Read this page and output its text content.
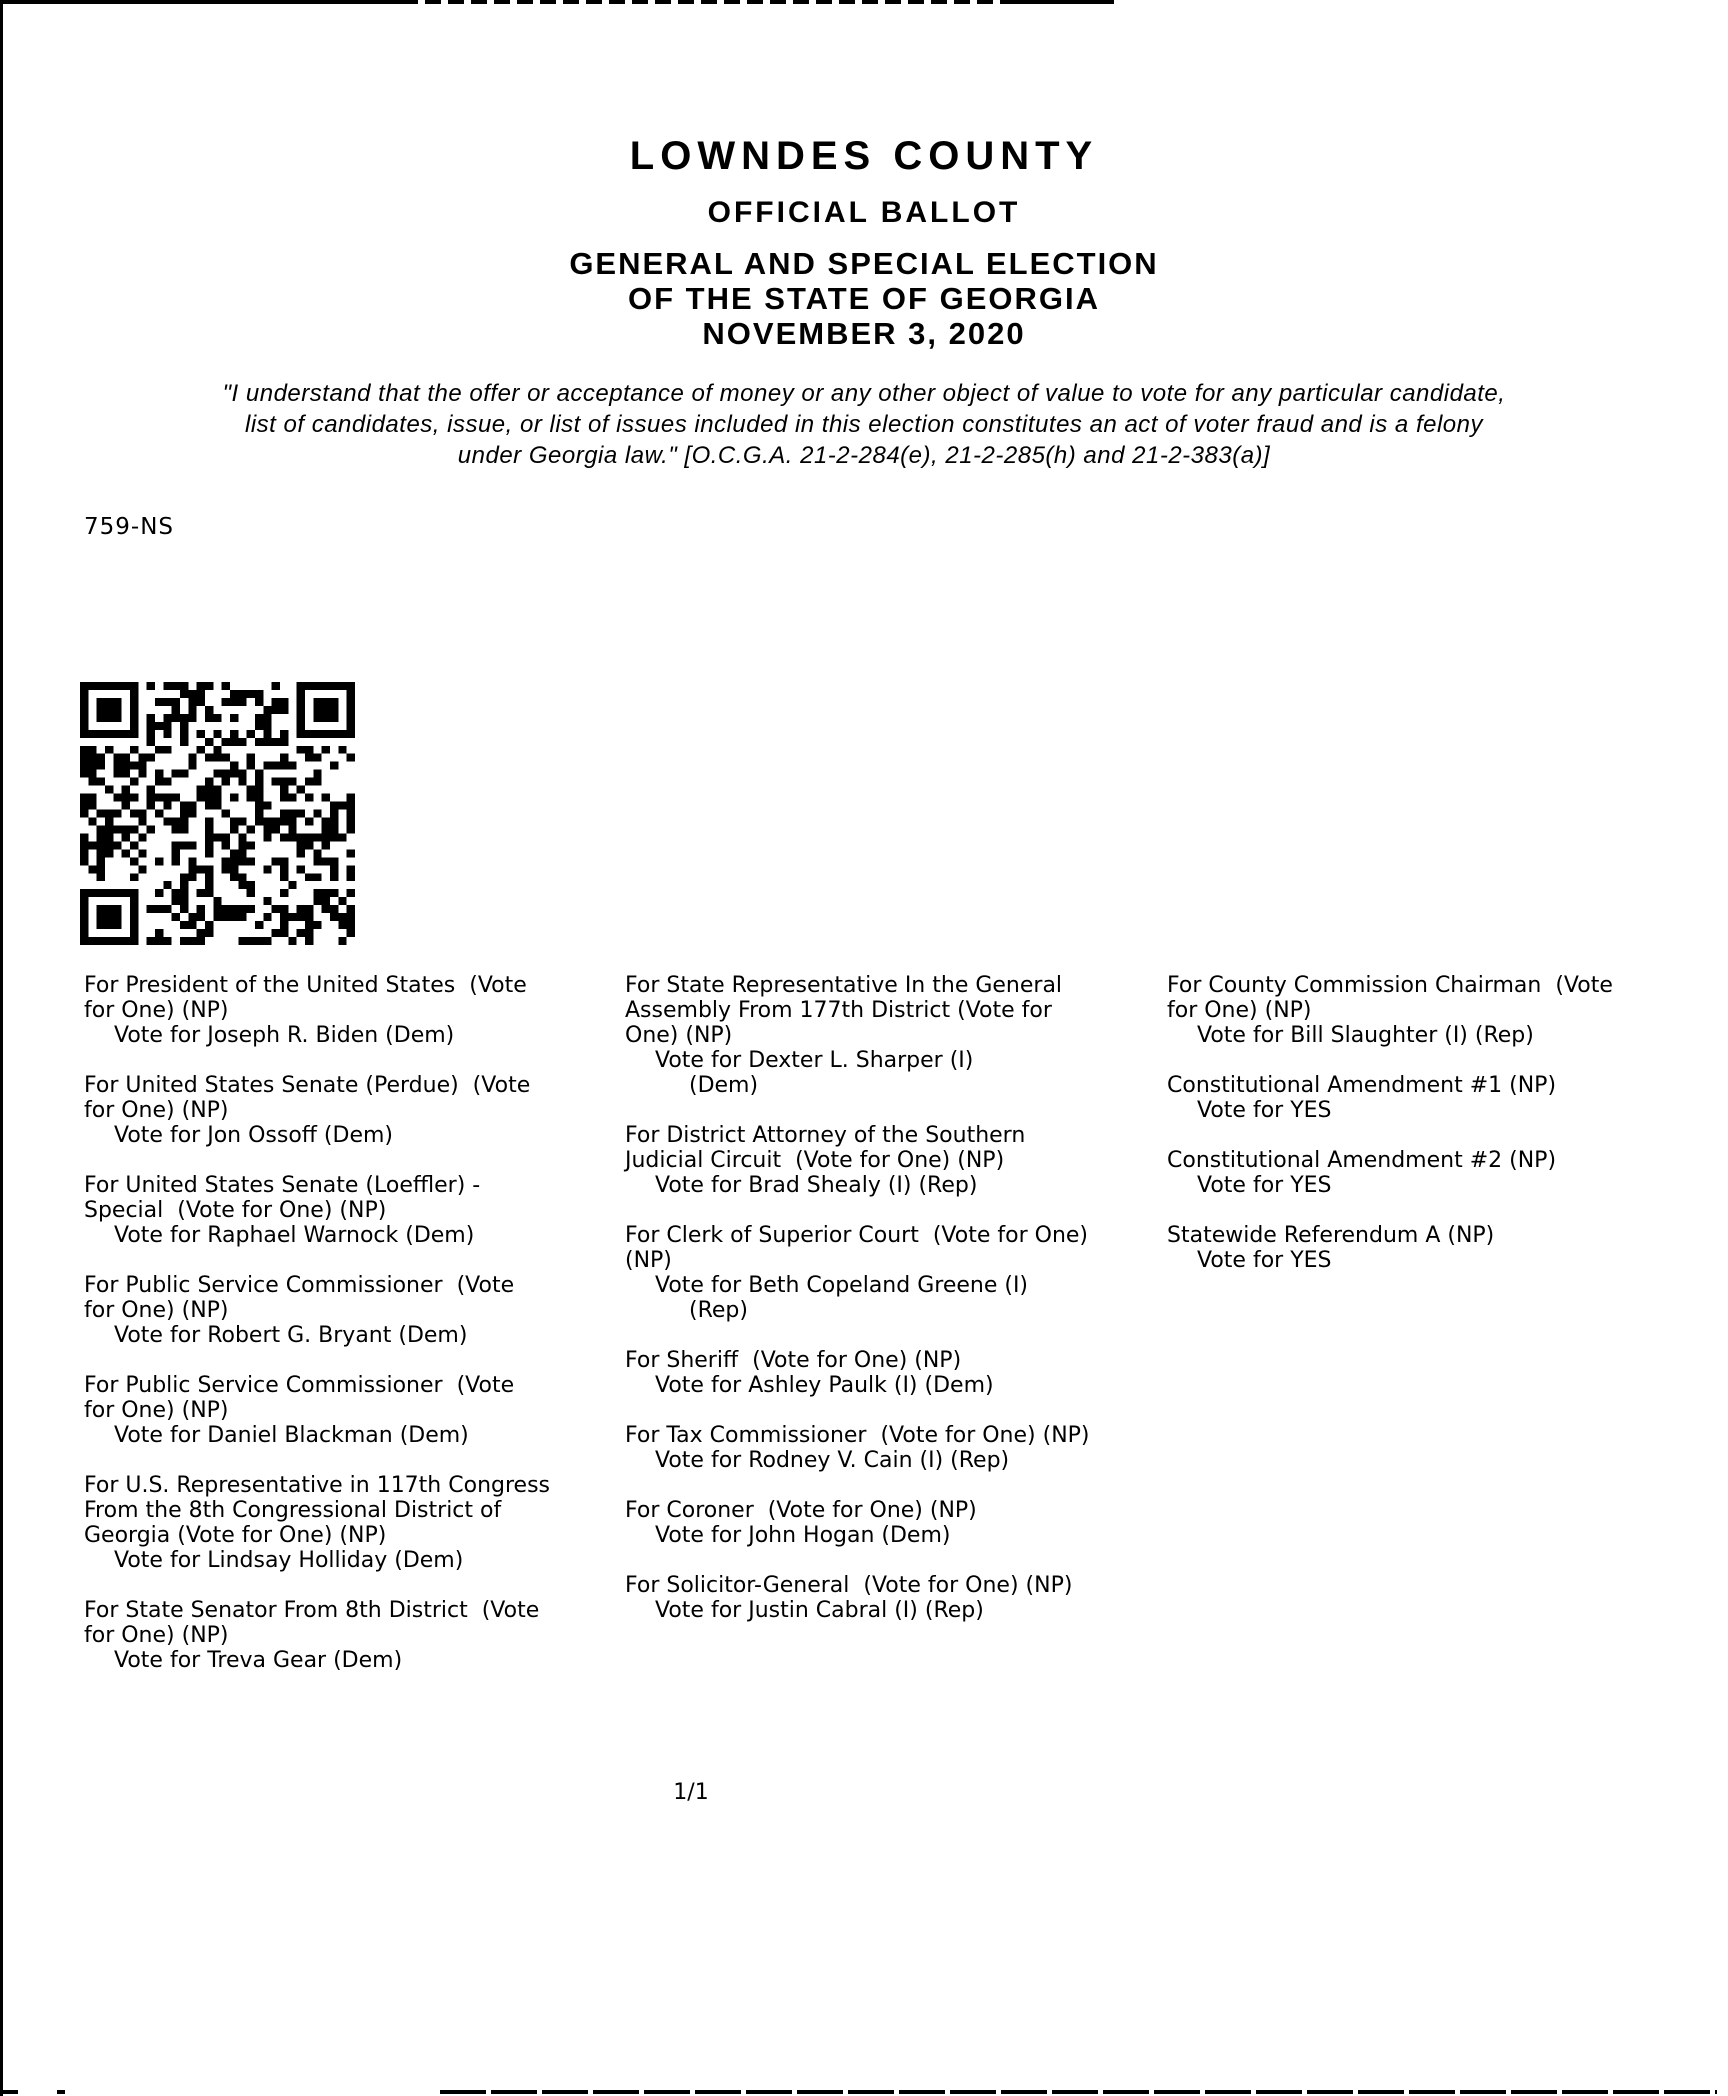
LOWNDES COUNTY
OFFICIAL BALLOT
GENERAL AND SPECIAL ELECTION
OF THE STATE OF GEORGIA
NOVEMBER 3, 2020
"I understand that the offer or acceptance of money or any other object of value to vote for any particular candidate,
list of candidates, issue, or list of issues included in this election constitutes an act of voter fraud and is a felony
under Georgia law." [O.C.G.A. 21-2-284(e), 21-2-285(h) and 21-2-383(a)]
759-NS
For President of the United States  (Vote
for One) (NP)
Vote for Joseph R. Biden (Dem)
For United States Senate (Perdue)  (Vote
for One) (NP)
Vote for Jon Ossoff (Dem)
For United States Senate (Loeffler) -
Special  (Vote for One) (NP)
Vote for Raphael Warnock (Dem)
For Public Service Commissioner  (Vote
for One) (NP)
Vote for Robert G. Bryant (Dem)
For Public Service Commissioner  (Vote
for One) (NP)
Vote for Daniel Blackman (Dem)
For U.S. Representative in 117th Congress
From the 8th Congressional District of
Georgia (Vote for One) (NP)
Vote for Lindsay Holliday (Dem)
For State Senator From 8th District  (Vote
for One) (NP)
Vote for Treva Gear (Dem)
For State Representative In the General
Assembly From 177th District (Vote for
One) (NP)
Vote for Dexter L. Sharper (I)
(Dem)
For District Attorney of the Southern
Judicial Circuit  (Vote for One) (NP)
Vote for Brad Shealy (I) (Rep)
For Clerk of Superior Court  (Vote for One)
(NP)
Vote for Beth Copeland Greene (I)
(Rep)
For Sheriff  (Vote for One) (NP)
Vote for Ashley Paulk (I) (Dem)
For Tax Commissioner  (Vote for One) (NP)
Vote for Rodney V. Cain (I) (Rep)
For Coroner  (Vote for One) (NP)
Vote for John Hogan (Dem)
For Solicitor-General  (Vote for One) (NP)
Vote for Justin Cabral (I) (Rep)
For County Commission Chairman  (Vote
for One) (NP)
Vote for Bill Slaughter (I) (Rep)
Constitutional Amendment #1 (NP)
Vote for YES
Constitutional Amendment #2 (NP)
Vote for YES
Statewide Referendum A (NP)
Vote for YES
1/1
